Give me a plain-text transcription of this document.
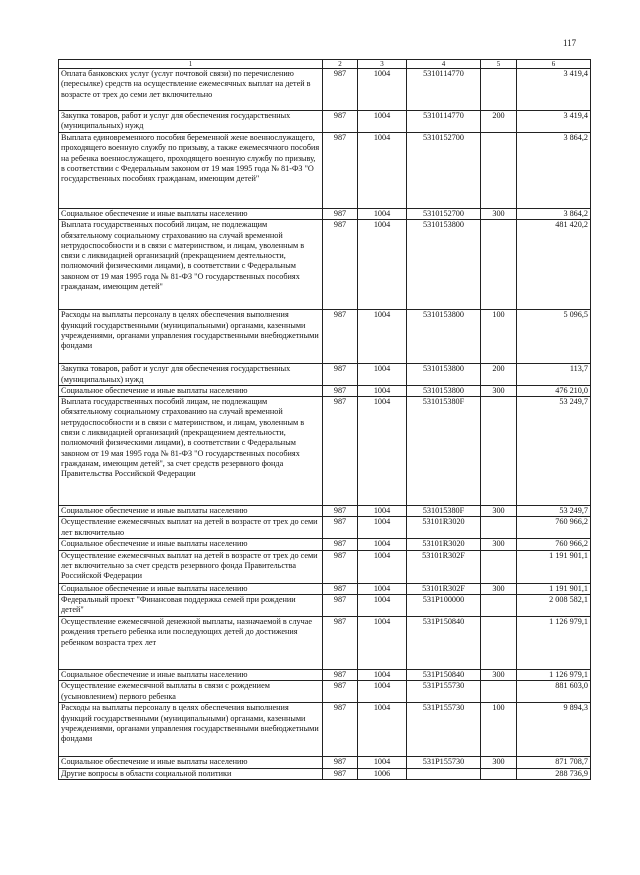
117
1	2	3	4	5	6
Оплата банковских услуг (услуг почтовой связи) по перечислению (пересылке) средств на осуществление ежемесячных выплат на детей в возрасте от трех до семи лет включительно	987	1004	5310114770		3 419,4
Закупка товаров, работ и услуг для обеспечения государственных (муниципальных) нужд	987	1004	5310114770	200	3 419,4
Выплата единовременного пособия беременной жене военнослужащего, проходящего военную службу по призыву, а также ежемесячного пособия на ребенка военнослужащего, проходящего военную службу по призыву, в соответствии с Федеральным законом от 19 мая 1995 года № 81-ФЗ "О государственных пособиях гражданам, имеющим детей"	987	1004	5310152700		3 864,2
Социальное обеспечение и иные выплаты населению	987	1004	5310152700	300	3 864,2
Выплата государственных пособий лицам, не подлежащим обязательному социальному страхованию на случай временной нетрудоспособности и в связи с материнством, и лицам, уволенным в связи с ликвидацией организаций (прекращением деятельности, полномочий физическими лицами), в соответствии с Федеральным законом от 19 мая 1995 года № 81-ФЗ "О государственных пособиях гражданам, имеющим детей"	987	1004	5310153800		481 420,2
Расходы на выплаты персоналу в целях обеспечения выполнения функций государственными (муниципальными) органами, казенными учреждениями, органами управления государственными внебюджетными фондами	987	1004	5310153800	100	5 096,5
Закупка товаров, работ и услуг для обеспечения государственных (муниципальных) нужд	987	1004	5310153800	200	113,7
Социальное обеспечение и иные выплаты населению	987	1004	5310153800	300	476 210,0
Выплата государственных пособий лицам, не подлежащим обязательному социальному страхованию на случай временной нетрудоспособности и в связи с материнством, и лицам, уволенным в связи с ликвидацией организаций (прекращением деятельности, полномочий физическими лицами), в соответствии с Федеральным законом от 19 мая 1995 года № 81-ФЗ "О государственных пособиях гражданам, имеющим детей", за счет средств резервного фонда Правительства Российской Федерации	987	1004	531015380F		53 249,7
Социальное обеспечение и иные выплаты населению	987	1004	531015380F	300	53 249,7
Осуществление ежемесячных выплат на детей в возрасте от трех до семи лет включительно	987	1004	53101R3020		760 966,2
Социальное обеспечение и иные выплаты населению	987	1004	53101R3020	300	760 966,2
Осуществление ежемесячных выплат на детей в возрасте от трех до семи лет включительно за счет средств резервного фонда Правительства Российской Федерации	987	1004	53101R302F		1 191 901,1
Социальное обеспечение и иные выплаты населению	987	1004	53101R302F	300	1 191 901,1
Федеральный проект "Финансовая поддержка семей при рождении детей"	987	1004	531P100000		2 008 582,1
Осуществление ежемесячной денежной выплаты, назначаемой в случае рождения третьего ребенка или последующих детей до достижения ребенком возраста трех лет	987	1004	531P150840		1 126 979,1
Социальное обеспечение и иные выплаты населению	987	1004	531P150840	300	1 126 979,1
Осуществление ежемесячной выплаты в связи с рождением (усыновлением) первого ребенка	987	1004	531P155730		881 603,0
Расходы на выплаты персоналу в целях обеспечения выполнения функций государственными (муниципальными) органами, казенными учреждениями, органами управления государственными внебюджетными фондами	987	1004	531P155730	100	9 894,3
Социальное обеспечение и иные выплаты населению	987	1004	531P155730	300	871 708,7
Другие вопросы в области социальной политики	987	1006			288 736,9
